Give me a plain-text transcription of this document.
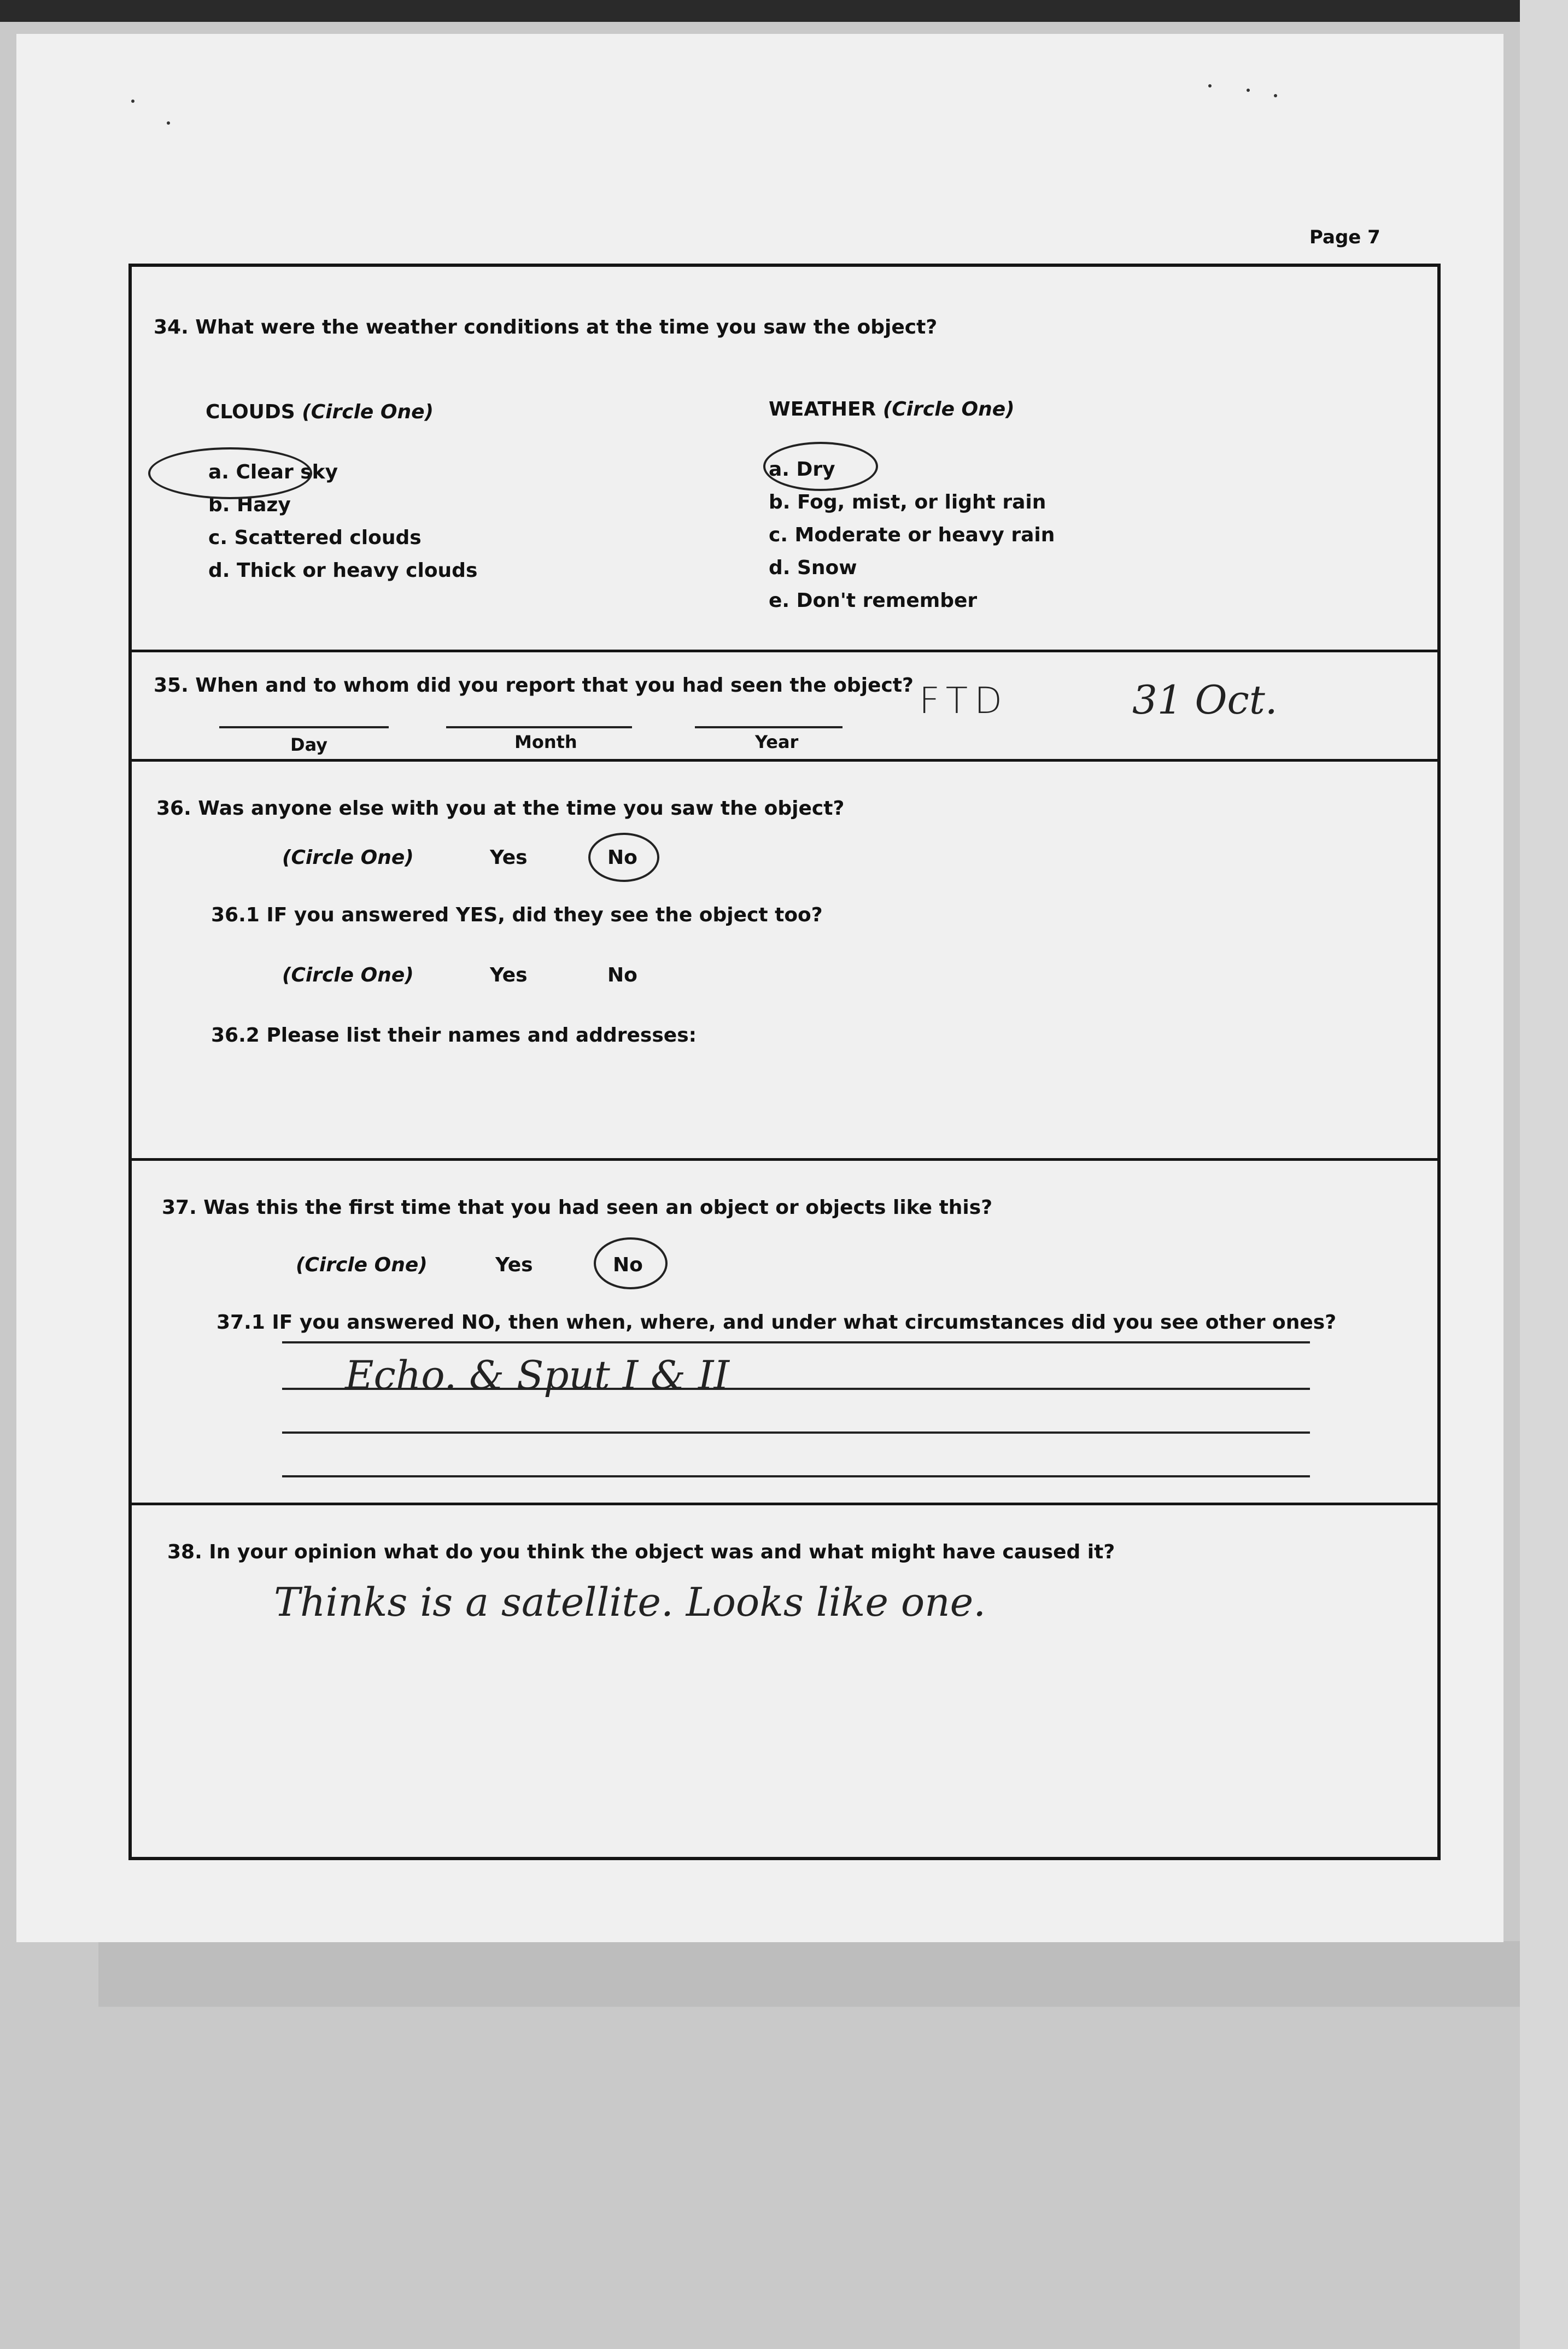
Page 7
34. What were the weather conditions at the time you saw the object?
CLOUDS (Circle One)
a. Clear sky
b. Hazy
c. Scattered clouds
d. Thick or heavy clouds
WEATHER (Circle One)
a. Dry
b. Fog, mist, or light rain
c. Moderate or heavy rain
d. Snow
e. Don't remember
35. When and to whom did you report that you had seen the object?
Day	Month	Year
FTD	31 Oct.
36. Was anyone else with you at the time you saw the object?
(Circle One)	Yes	No
36.1 IF you answered YES, did they see the object too?
(Circle One)	Yes	No
36.2 Please list their names and addresses:
37. Was this the first time that you had seen an object or objects like this?
(Circle One)	Yes	No
37.1 IF you answered NO, then when, where, and under what circumstances did you see other ones?
Echo. & Sput I & II
38. In your opinion what do you think the object was and what might have caused it?
Thinks is a satellite. Looks like one.
